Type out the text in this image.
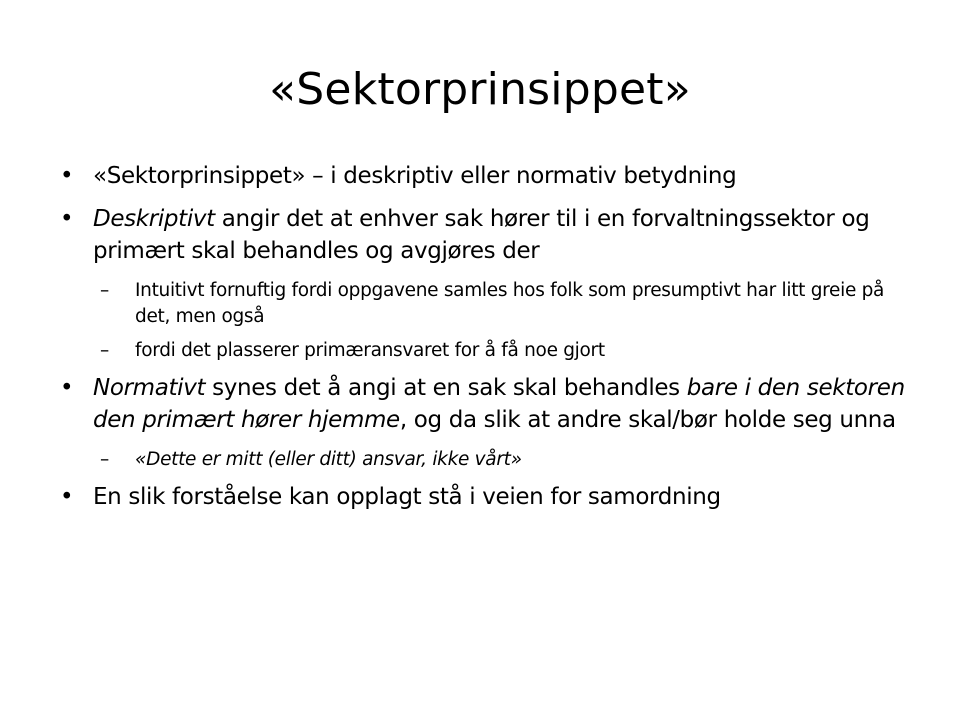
«Sektorprinsippet»
• «Sektorprinsippet» – i deskriptiv eller normativ betydning
• Deskriptivt angir det at enhver sak hører til i en forvaltningssektor og primært skal behandles og avgjøres der
– Intuitivt fornuftig fordi oppgavene samles hos folk som presumptivt har litt greie på det, men også
– fordi det plasserer primæransvaret for å få noe gjort
• Normativt synes det å angi at en sak skal behandles bare i den sektoren den primært hører hjemme, og da slik at andre skal/bør holde seg unna
– «Dette er mitt (eller ditt) ansvar, ikke vårt»
• En slik forståelse kan opplagt stå i veien for samordning
